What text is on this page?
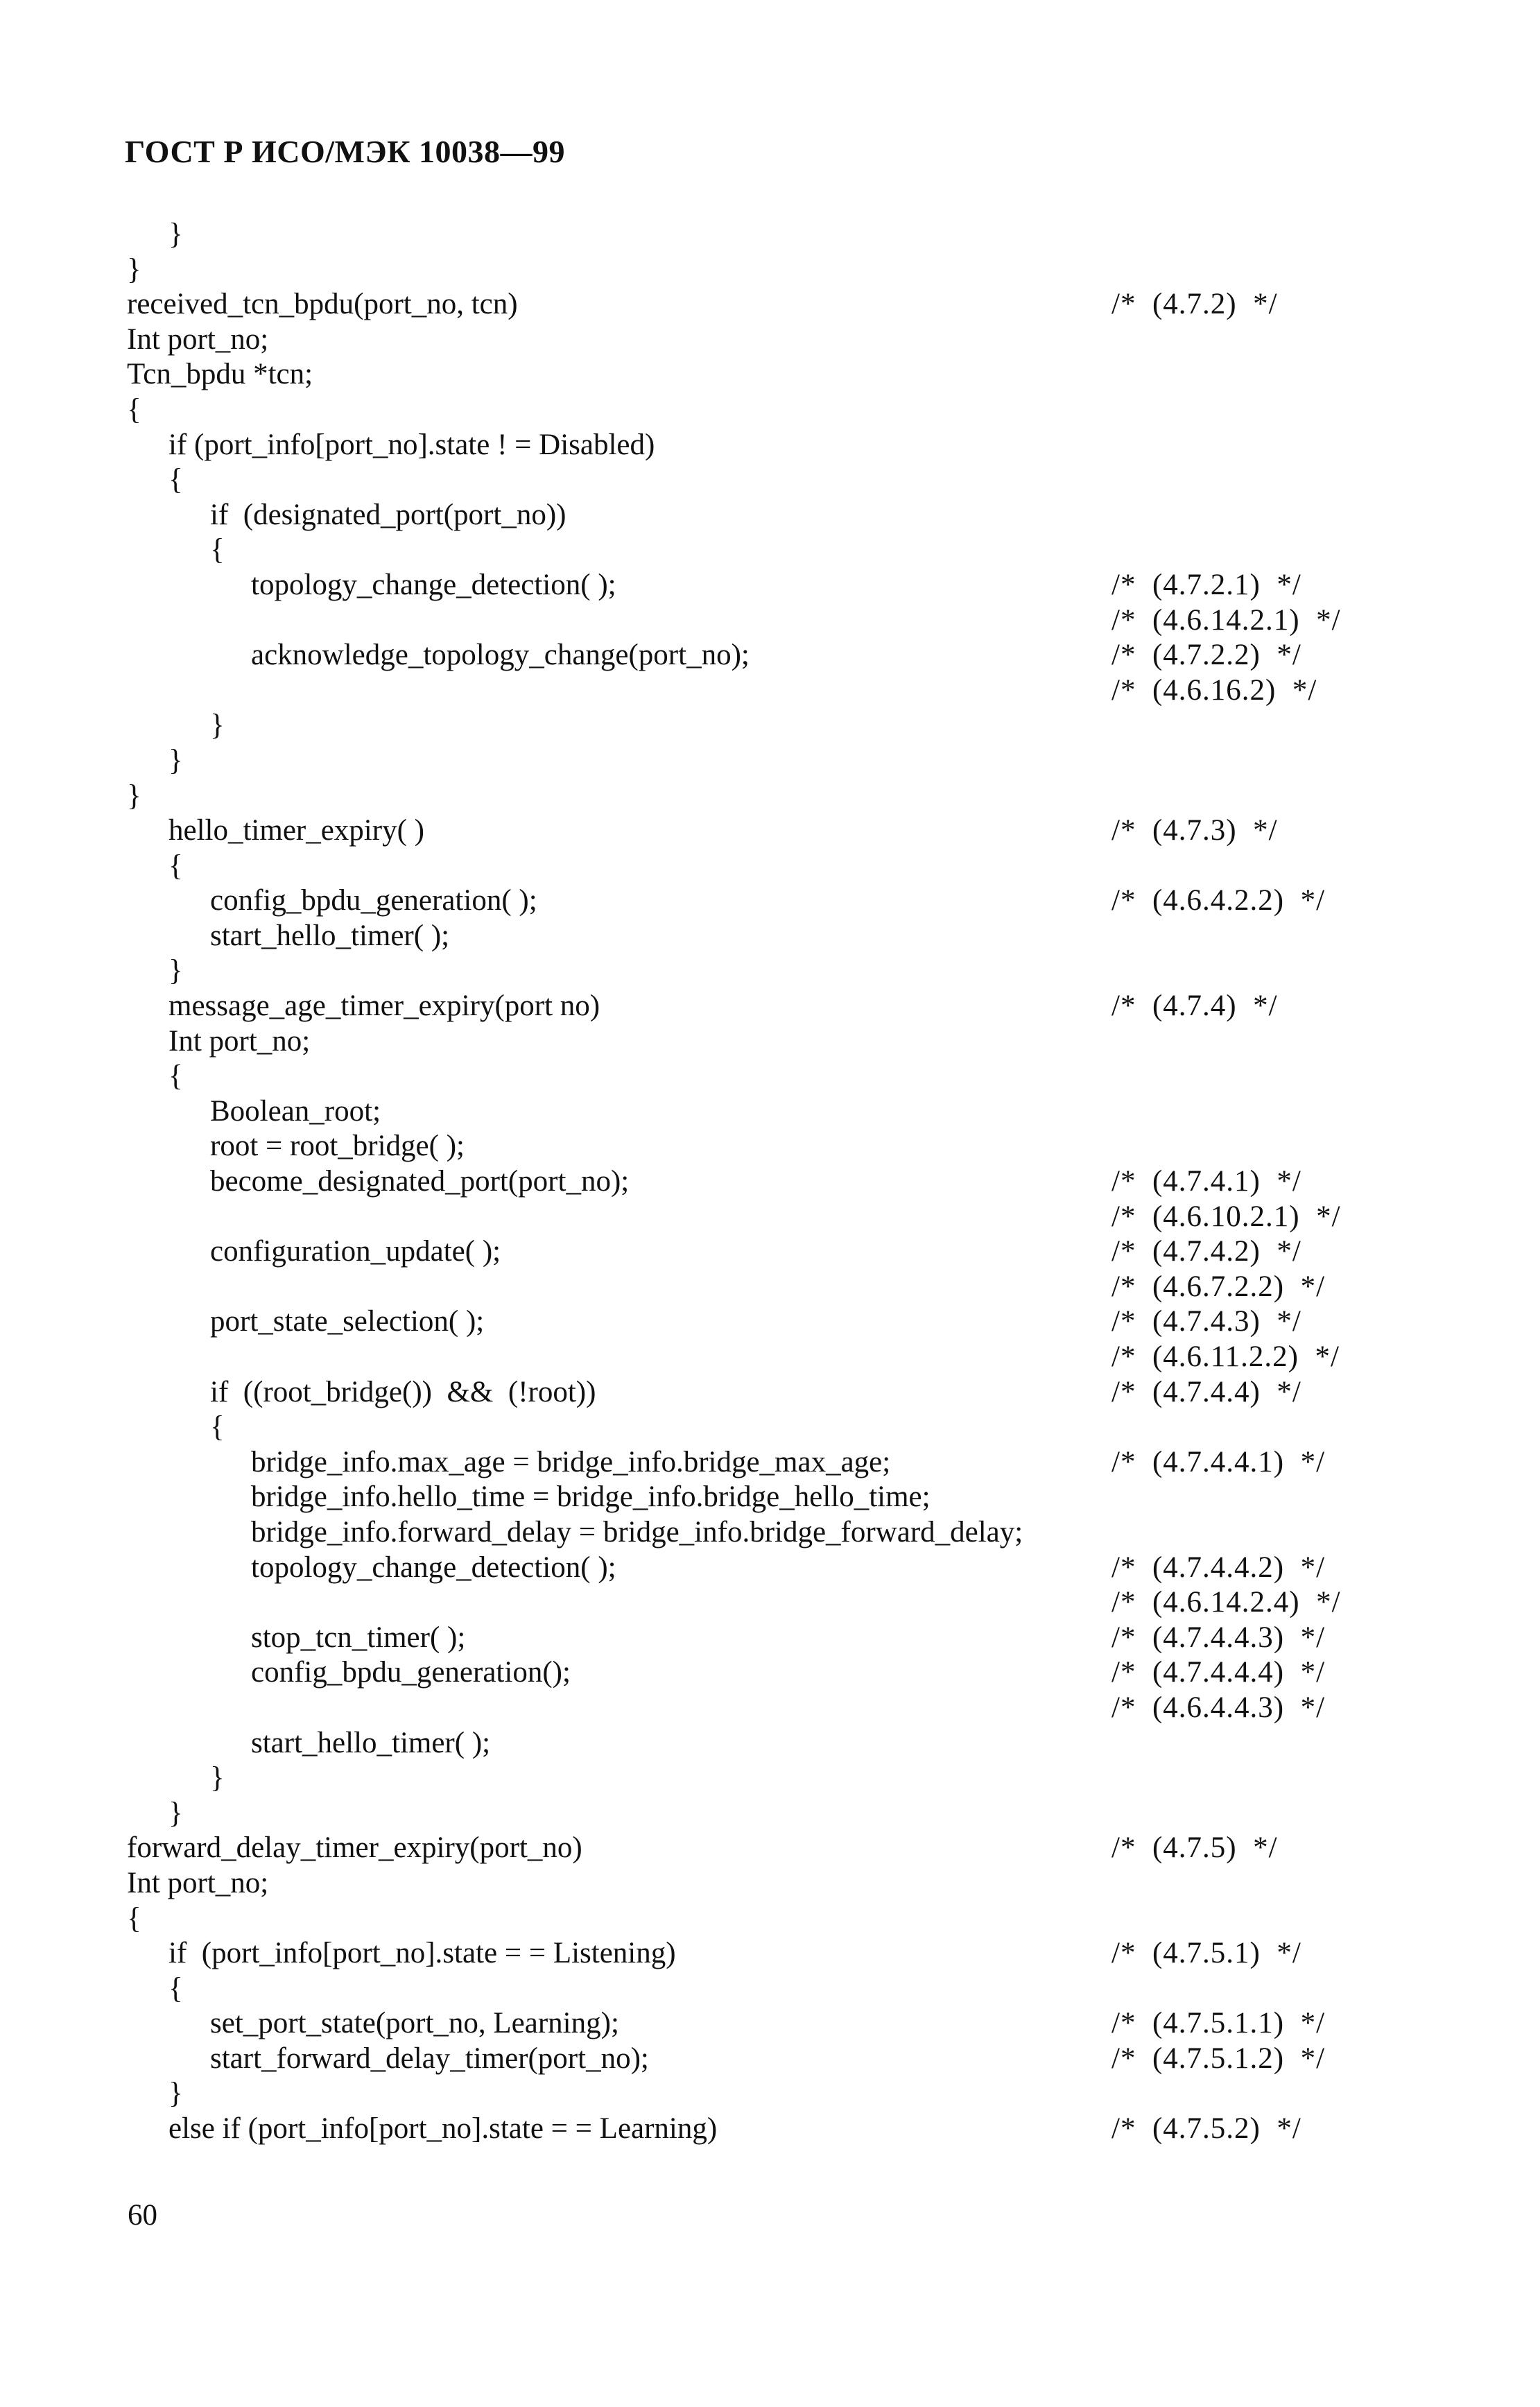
ГОСТ Р ИСО/МЭК 10038—99
}
}
received_tcn_bpdu(port_no, tcn)	/*  (4.7.2)  */
Int port_no;
Tcn_bpdu *tcn;
{
if (port_info[port_no].state ! = Disabled)
{
if  (designated_port(port_no))
{
topology_change_detection( );	/*  (4.7.2.1)  */
/*  (4.6.14.2.1)  */
acknowledge_topology_change(port_no);	/*  (4.7.2.2)  */
/*  (4.6.16.2)  */
}
}
}
hello_timer_expiry( )	/*  (4.7.3)  */
{
config_bpdu_generation( );	/*  (4.6.4.2.2)  */
start_hello_timer( );
}
message_age_timer_expiry(port no)	/*  (4.7.4)  */
Int port_no;
{
Boolean_root;
root = root_bridge( );
become_designated_port(port_no);	/*  (4.7.4.1)  */
/*  (4.6.10.2.1)  */
configuration_update( );	/*  (4.7.4.2)  */
/*  (4.6.7.2.2)  */
port_state_selection( );	/*  (4.7.4.3)  */
/*  (4.6.11.2.2)  */
if  ((root_bridge())  &&  (!root))	/*  (4.7.4.4)  */
{
bridge_info.max_age = bridge_info.bridge_max_age;	/*  (4.7.4.4.1)  */
bridge_info.hello_time = bridge_info.bridge_hello_time;
bridge_info.forward_delay = bridge_info.bridge_forward_delay;
topology_change_detection( );	/*  (4.7.4.4.2)  */
/*  (4.6.14.2.4)  */
stop_tcn_timer( );	/*  (4.7.4.4.3)  */
config_bpdu_generation();	/*  (4.7.4.4.4)  */
/*  (4.6.4.4.3)  */
start_hello_timer( );
}
}
forward_delay_timer_expiry(port_no)	/*  (4.7.5)  */
Int port_no;
{
if  (port_info[port_no].state = = Listening)	/*  (4.7.5.1)  */
{
set_port_state(port_no, Learning);	/*  (4.7.5.1.1)  */
start_forward_delay_timer(port_no);	/*  (4.7.5.1.2)  */
}
else if (port_info[port_no].state = = Learning)	/*  (4.7.5.2)  */
60
